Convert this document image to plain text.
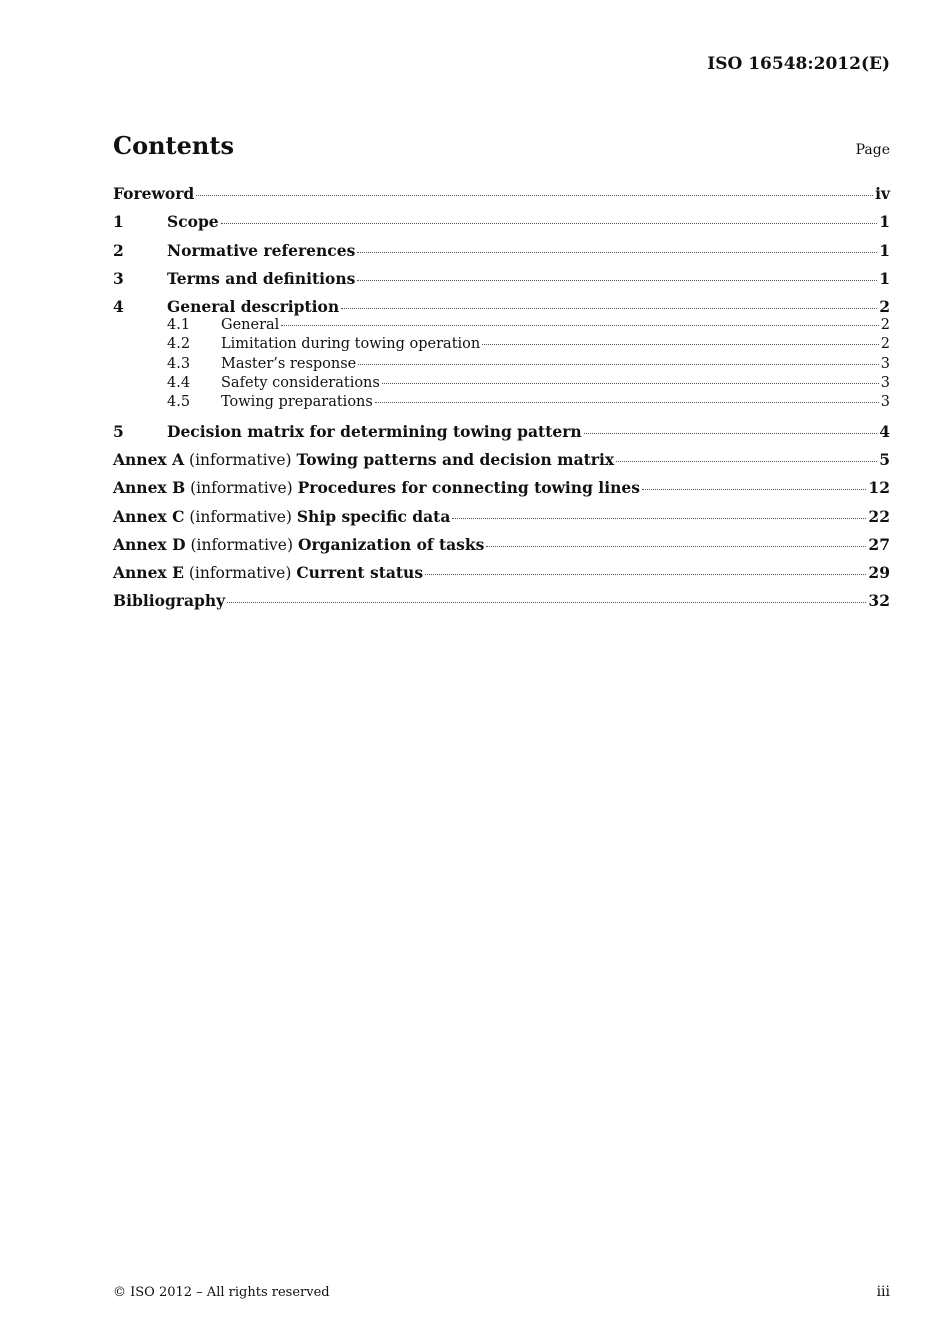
ISO 16548:2012(E)
Contents	Page
Foreword	iv
1	Scope	1
2	Normative references	1
3	Terms and definitions	1
4	General description	2
4.1	General	2
4.2	Limitation during towing operation	2
4.3	Master’s response	3
4.4	Safety considerations	3
4.5	Towing preparations	3
5	Decision matrix for determining towing pattern	4
Annex A (informative) Towing patterns and decision matrix	5
Annex B (informative) Procedures for connecting towing lines	12
Annex C (informative) Ship specific data	22
Annex D (informative) Organization of tasks	27
Annex E (informative) Current status	29
Bibliography	32
© ISO 2012 – All rights reserved	iii
